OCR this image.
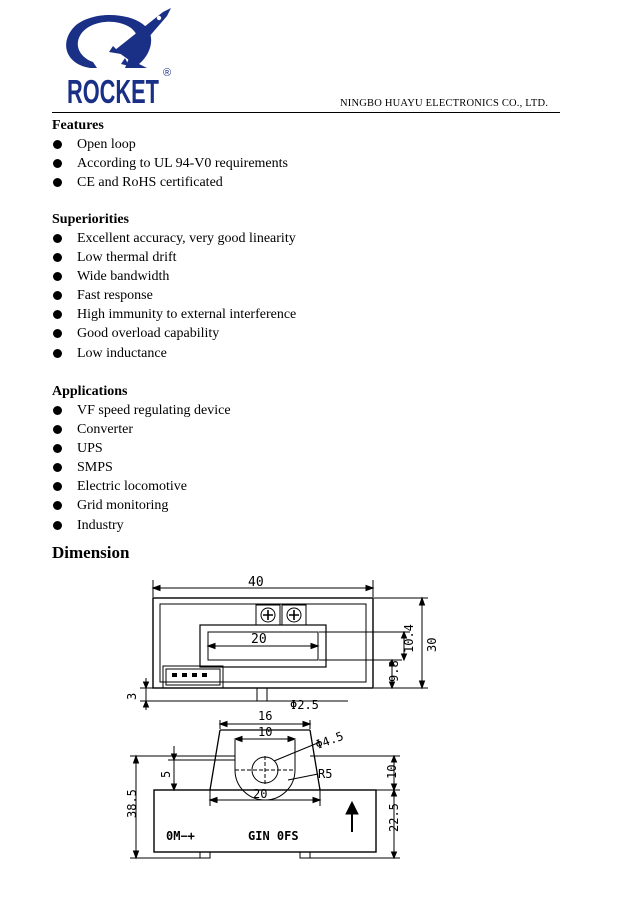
ROCKET ®
NINGBO HUAYU ELECTRONICS CO., LTD.
Features
Open loop
According to UL 94-V0 requirements
CE and RoHS certificated
Superiorities
Excellent accuracy, very good linearity
Low thermal drift
Wide bandwidth
Fast response
High immunity to external interference
Good overload capability
Low inductance
Applications
VF speed regulating device
Converter
UPS
SMPS
Electric locomotive
Grid monitoring
Industry
Dimension
40
20	30
10.4
9.8
3
Φ2.5
16
10	Φ4.5
R5
20
5
38.5
10
22.5
0M−+	GIN 0FS
